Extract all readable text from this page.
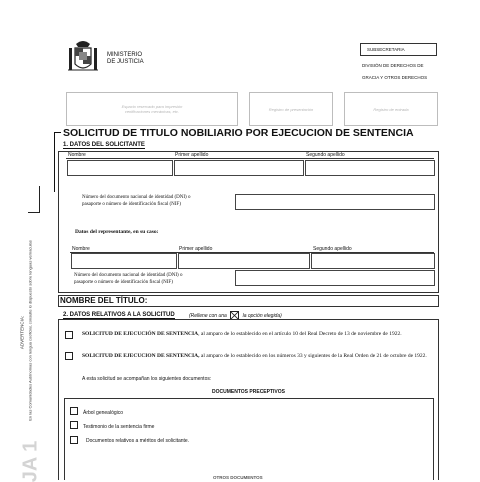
ADVERTENCIA: En las Comunidades Autónomas con lengua cooficial, consulte lo dispuesto sobre lenguas vernaculas
JA 1
MINISTERIO
DE JUSTICIA
SUBSECRETARIA
DIVISIÓN DE DERECHOS DE
GRACIA Y OTROS DERECHOS
Espacio reservado para impresión
certificaciones mecánicas, etc.	Registro de presentación	Registro de entrada
SOLICITUD DE TITULO NOBILIARIO POR EJECUCION DE SENTENCIA
1. DATOS DEL SOLICITANTE
Nombre	Primer apellido	Segundo apellido
Número del documento nacional de identidad (DNI) o
pasaporte o número de identificación fiscal (NIF)
Datos del representante, en su caso:
Nombre	Primer apellido	Segundo apellido
Número del documento nacional de identidad (DNI) o
pasaporte o número de identificación fiscal (NIF)
NOMBRE DEL TÍTULO:
2. DATOS RELATIVOS A LA SOLICITUD	(Rellene con una	la opción elegida)
SOLICITUD DE EJECUCIÓN DE SENTENCIA, al amparo de lo establecido en el artículo 10 del Real Decreto de 13 de noviembre de 1922.
SOLICITUD DE EJECUCION DE SENTENCIA, al amparo de lo establecido en los números 33 y siguientes de la Real Orden de 21 de octubre de 1922.
A esta solicitud se acompañan los siguientes documentos:
DOCUMENTOS PRECEPTIVOS
Árbol genealógico
Testimonio de la sentencia firme
Documentos relativos a méritos del solicitante.
OTROS DOCUMENTOS
